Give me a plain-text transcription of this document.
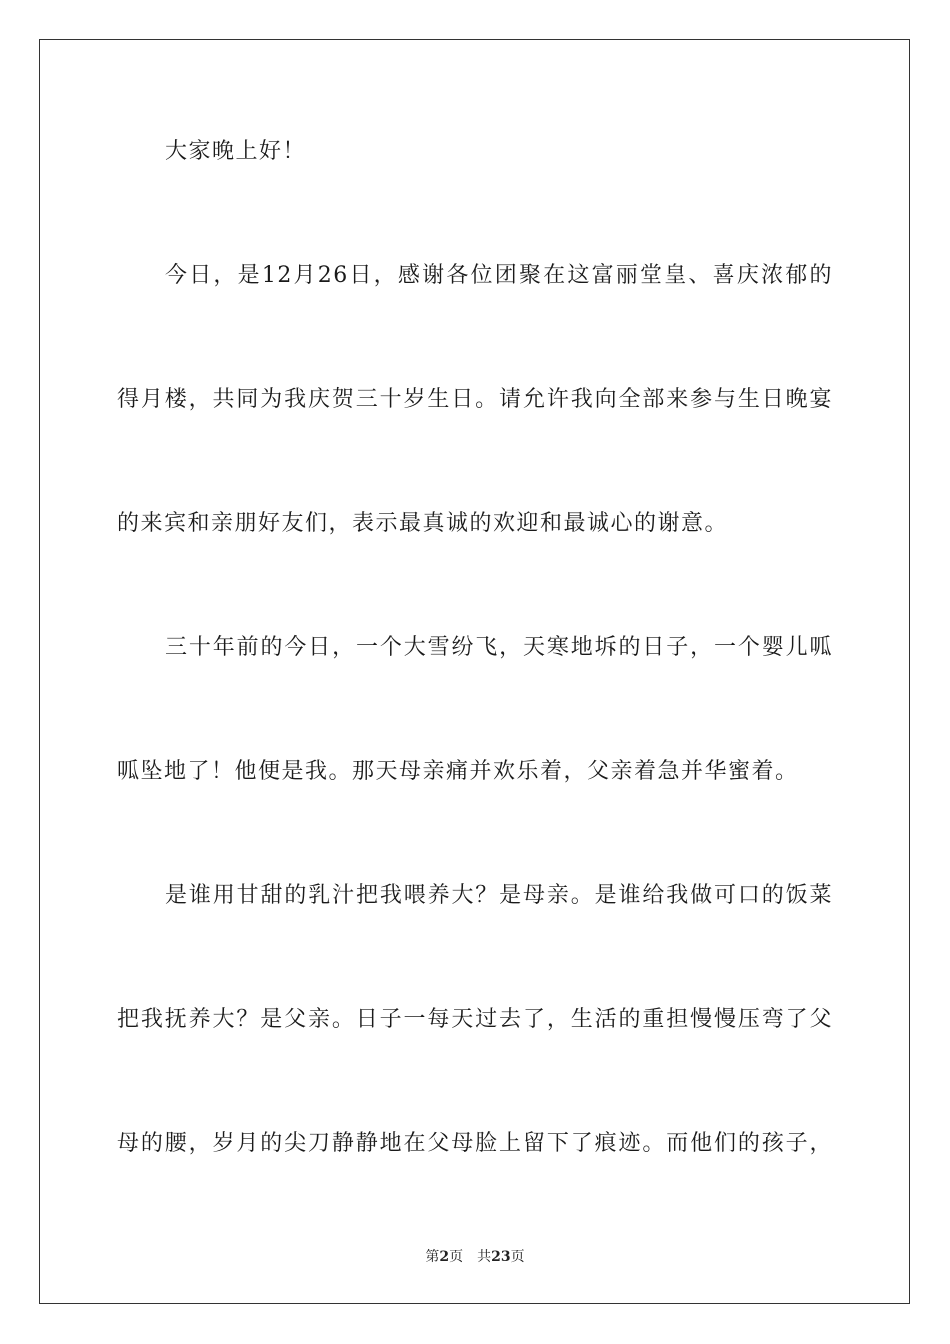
大家晚上好！
今日，是12月26日，感谢各位团聚在这富丽堂皇、喜庆浓郁的
得月楼，共同为我庆贺三十岁生日。请允许我向全部来参与生日晚宴
的来宾和亲朋好友们，表示最真诚的欢迎和最诚心的谢意。
三十年前的今日，一个大雪纷飞，天寒地坼的日子，一个婴儿呱
呱坠地了！他便是我。那天母亲痛并欢乐着，父亲着急并华蜜着。
是谁用甘甜的乳汁把我喂养大？是母亲。是谁给我做可口的饭菜
把我抚养大？是父亲。日子一每天过去了，生活的重担慢慢压弯了父
母的腰，岁月的尖刀静静地在父母脸上留下了痕迹。而他们的孩子，
第2页 共23页
